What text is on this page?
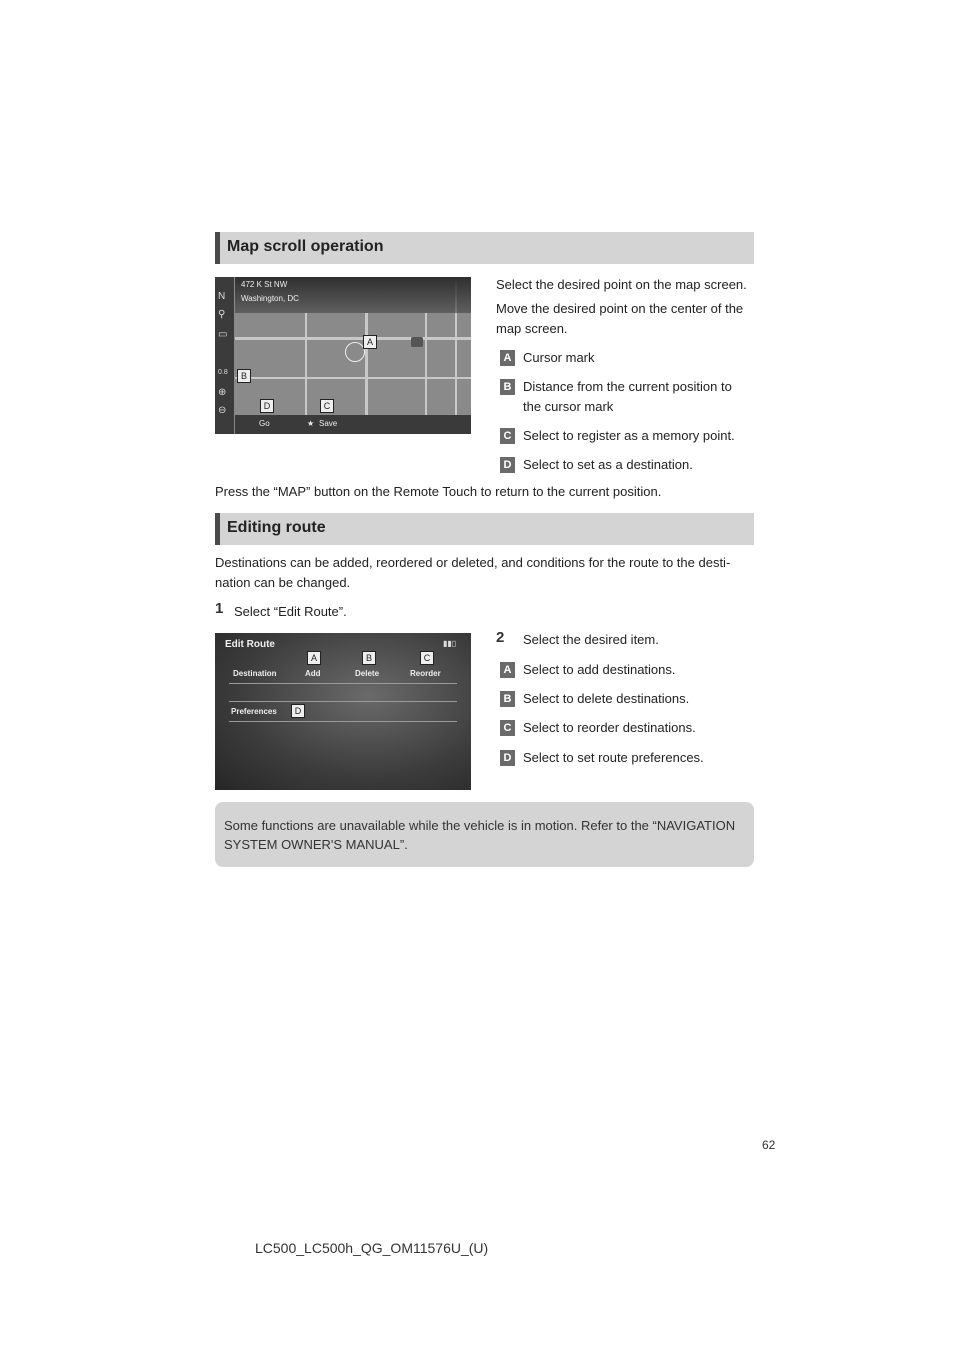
Map scroll operation
472 K St NW
Washington, DC
N
⚲
▭
0.8
⊕
⊖
Go	★ Save
A
B
D	C
Select the desired point on the map screen.
Move the desired point on the center of the
map screen.
A Cursor mark
B Distance from the current position to
the cursor mark
C Select to register as a memory point.
D Select to set as a destination.
Press the “MAP” button on the Remote Touch to return to the current position.
Editing route
Destinations can be added, reordered or deleted, and conditions for the route to the desti-
nation can be changed.
1 Select “Edit Route”.
Edit Route	▮▮▯
Destination	Add	Delete	Reorder
Preferences
A	B	C
D
2 Select the desired item.
A Select to add destinations.
B Select to delete destinations.
C Select to reorder destinations.
D Select to set route preferences.
Some functions are unavailable while the vehicle is in motion. Refer to the “NAVIGATION
SYSTEM OWNER'S MANUAL”.
62
LC500_LC500h_QG_OM11576U_(U)
